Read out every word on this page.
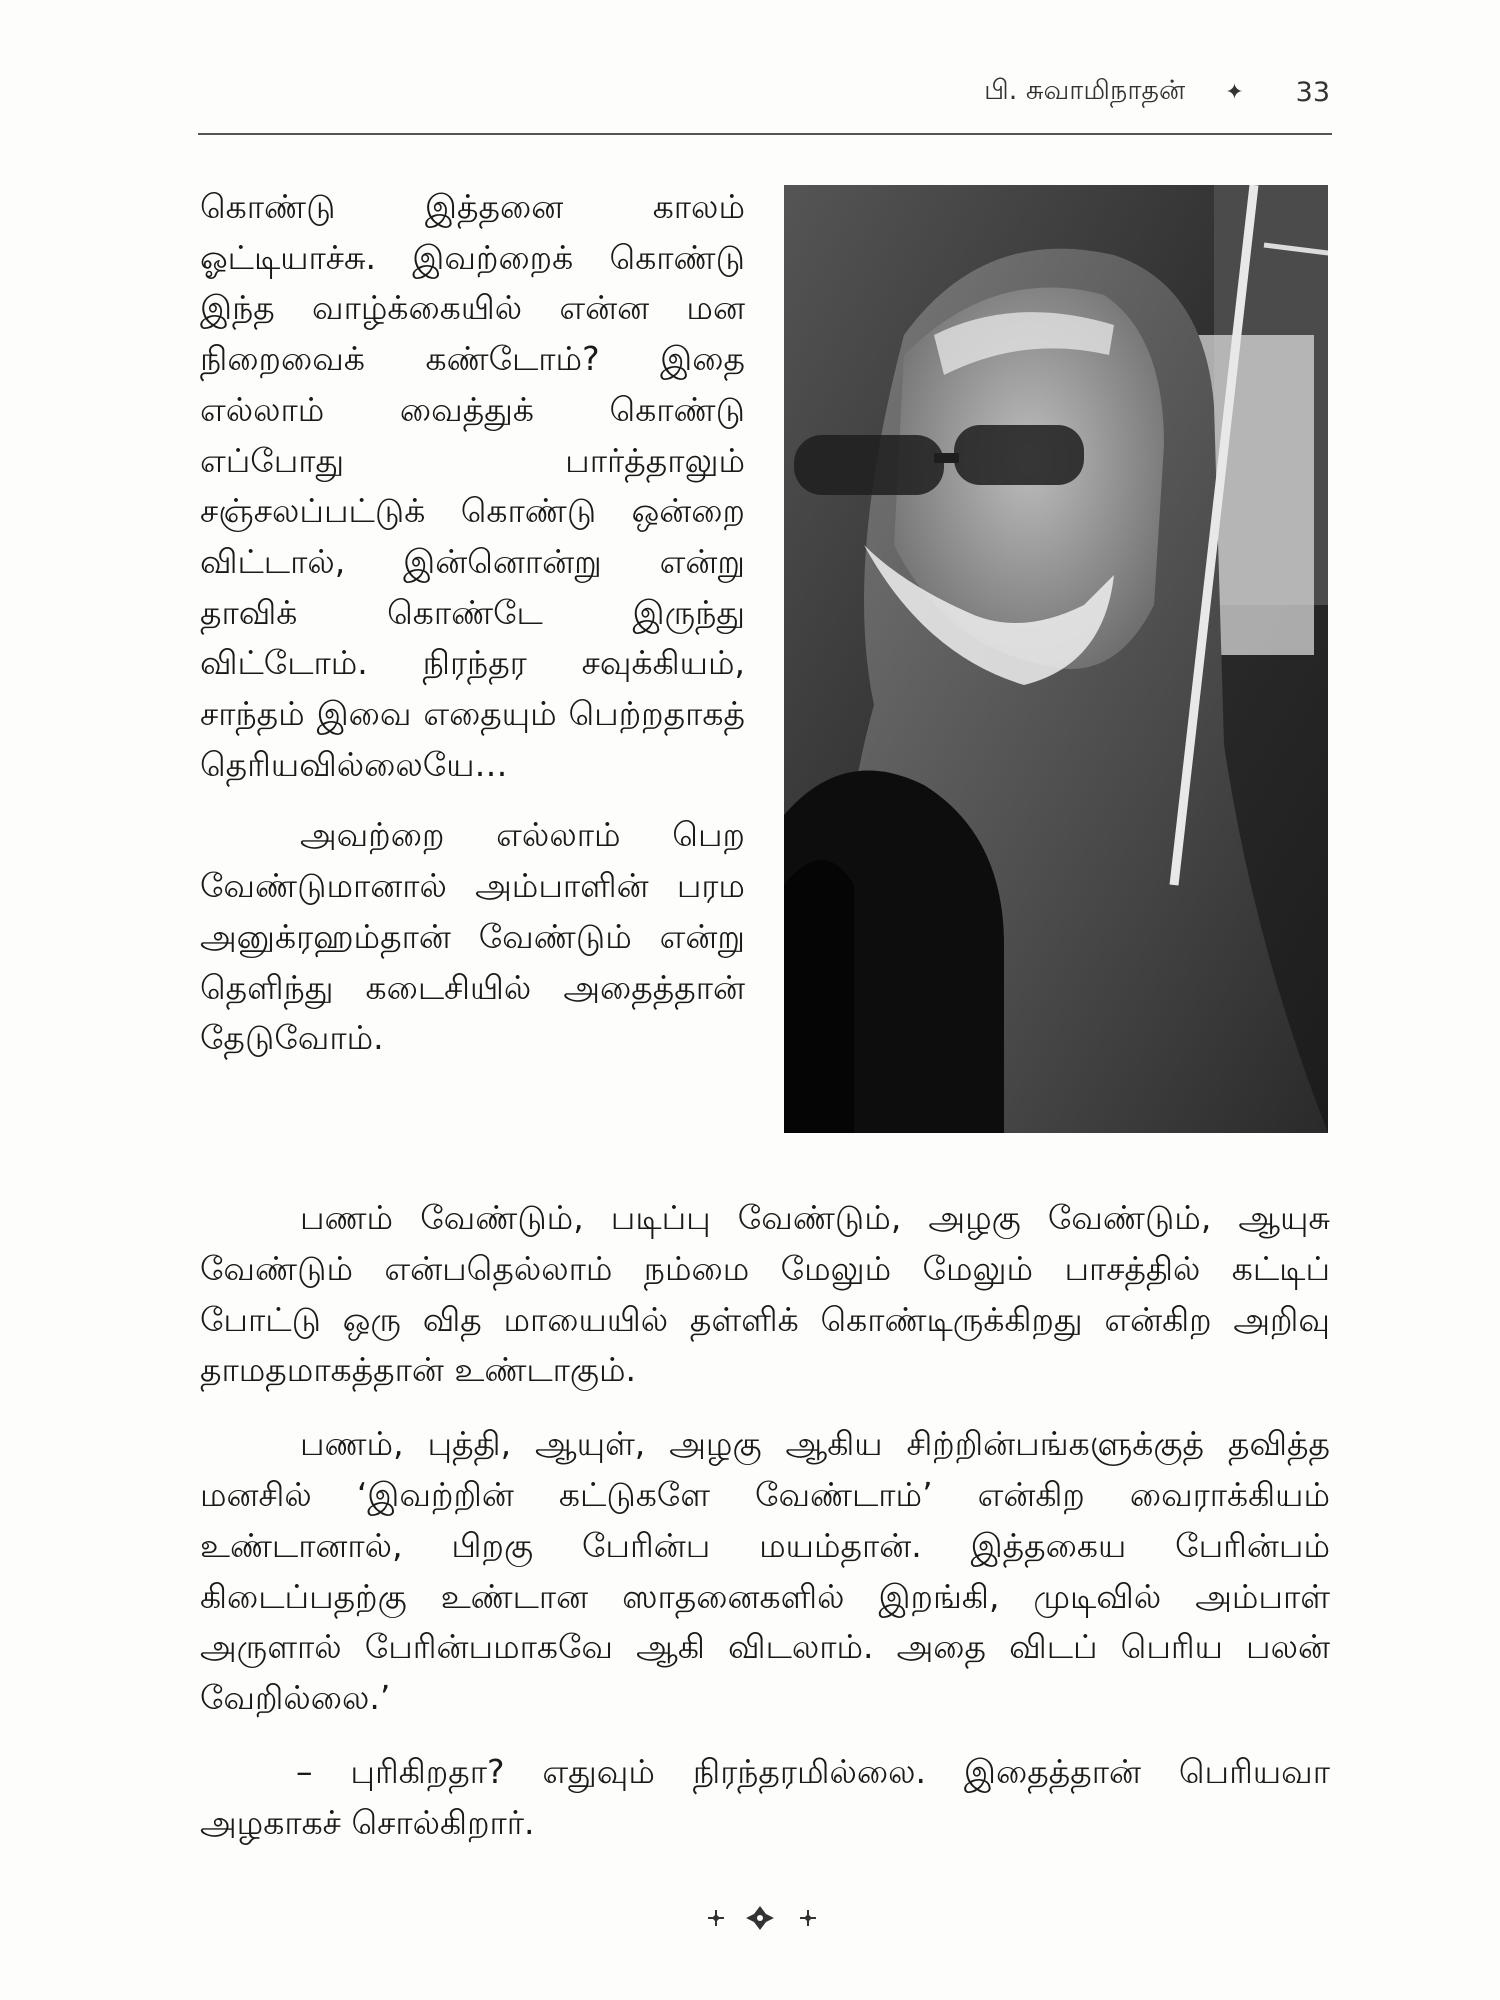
பி. சுவாமிநாதன் ✦ 33

கொண்டு இத்தனை காலம் ஓட்டியாச்சு. இவற்றைக் கொண்டு இந்த வாழ்க்கையில் என்ன மன நிறைவைக் கண்டோம்? இதை எல்லாம் வைத்துக் கொண்டு எப்போது பார்த்தாலும் சஞ்சலப்பட்டுக் கொண்டு ஒன்றை விட்டால், இன்னொன்று என்று தாவிக் கொண்டே இருந்து விட்டோம். நிரந்தர சவுக்கியம், சாந்தம் இவை எதையும் பெற்றதாகத் தெரியவில்லையே…

அவற்றை எல்லாம் பெற வேண்டுமானால் அம்பாளின் பரம அனுக்ரஹம்தான் வேண்டும் என்று தெளிந்து கடைசியில் அதைத்தான் தேடுவோம்.

பணம் வேண்டும், படிப்பு வேண்டும், அழகு வேண்டும், ஆயுசு வேண்டும் என்பதெல்லாம் நம்மை மேலும் மேலும் பாசத்தில் கட்டிப் போட்டு ஒரு வித மாயையில் தள்ளிக் கொண்டிருக்கிறது என்கிற அறிவு தாமதமாகத்தான் உண்டாகும்.

பணம், புத்தி, ஆயுள், அழகு ஆகிய சிற்றின்பங்களுக்குத் தவித்த மனசில் ‘இவற்றின் கட்டுகளே வேண்டாம்’ என்கிற வைராக்கியம் உண்டானால், பிறகு பேரின்ப மயம்தான். இத்தகைய பேரின்பம் கிடைப்பதற்கு உண்டான ஸாதனைகளில் இறங்கி, முடிவில் அம்பாள் அருளால் பேரின்பமாகவே ஆகி விடலாம். அதை விடப் பெரிய பலன் வேறில்லை.’

– புரிகிறதா? எதுவும் நிரந்தரமில்லை. இதைத்தான் பெரியவா அழகாகச் சொல்கிறார்.
